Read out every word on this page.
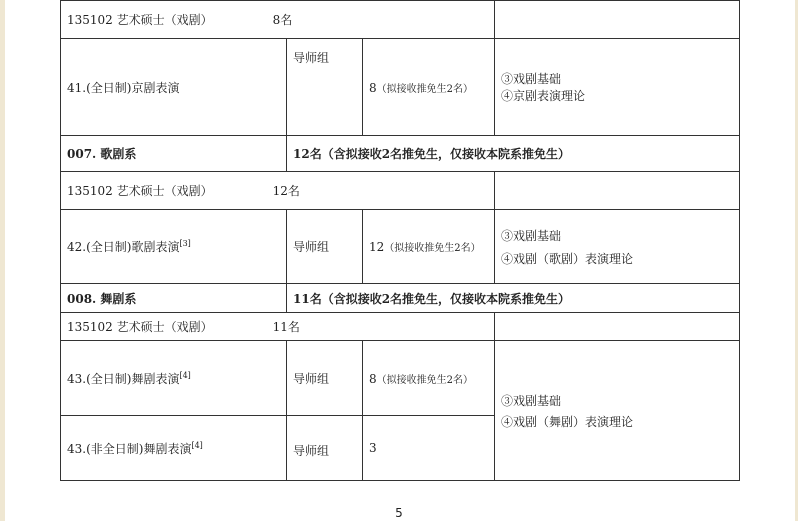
135102 艺术硕士（戏剧） 8名			
41.(全日制)京剧表演	导师组	8（拟接收推免生2名）	③戏剧基础
④京剧表演理论

007. 歌剧系	12名（含拟接收2名推免生，仅接收本院系推免生）		
135102 艺术硕士（戏剧） 12名			
42.(全日制)歌剧表演[3]	导师组	12（拟接收推免生2名）	③戏剧基础
④戏剧（歌剧）表演理论

008. 舞剧系	11名（含拟接收2名推免生，仅接收本院系推免生）		
135102 艺术硕士（戏剧） 11名			
43.(全日制)舞剧表演[4]	导师组	8（拟接收推免生2名）	③戏剧基础
④戏剧（舞剧）表演理论

43.(非全日制)舞剧表演[4]	导师组	3	
5
